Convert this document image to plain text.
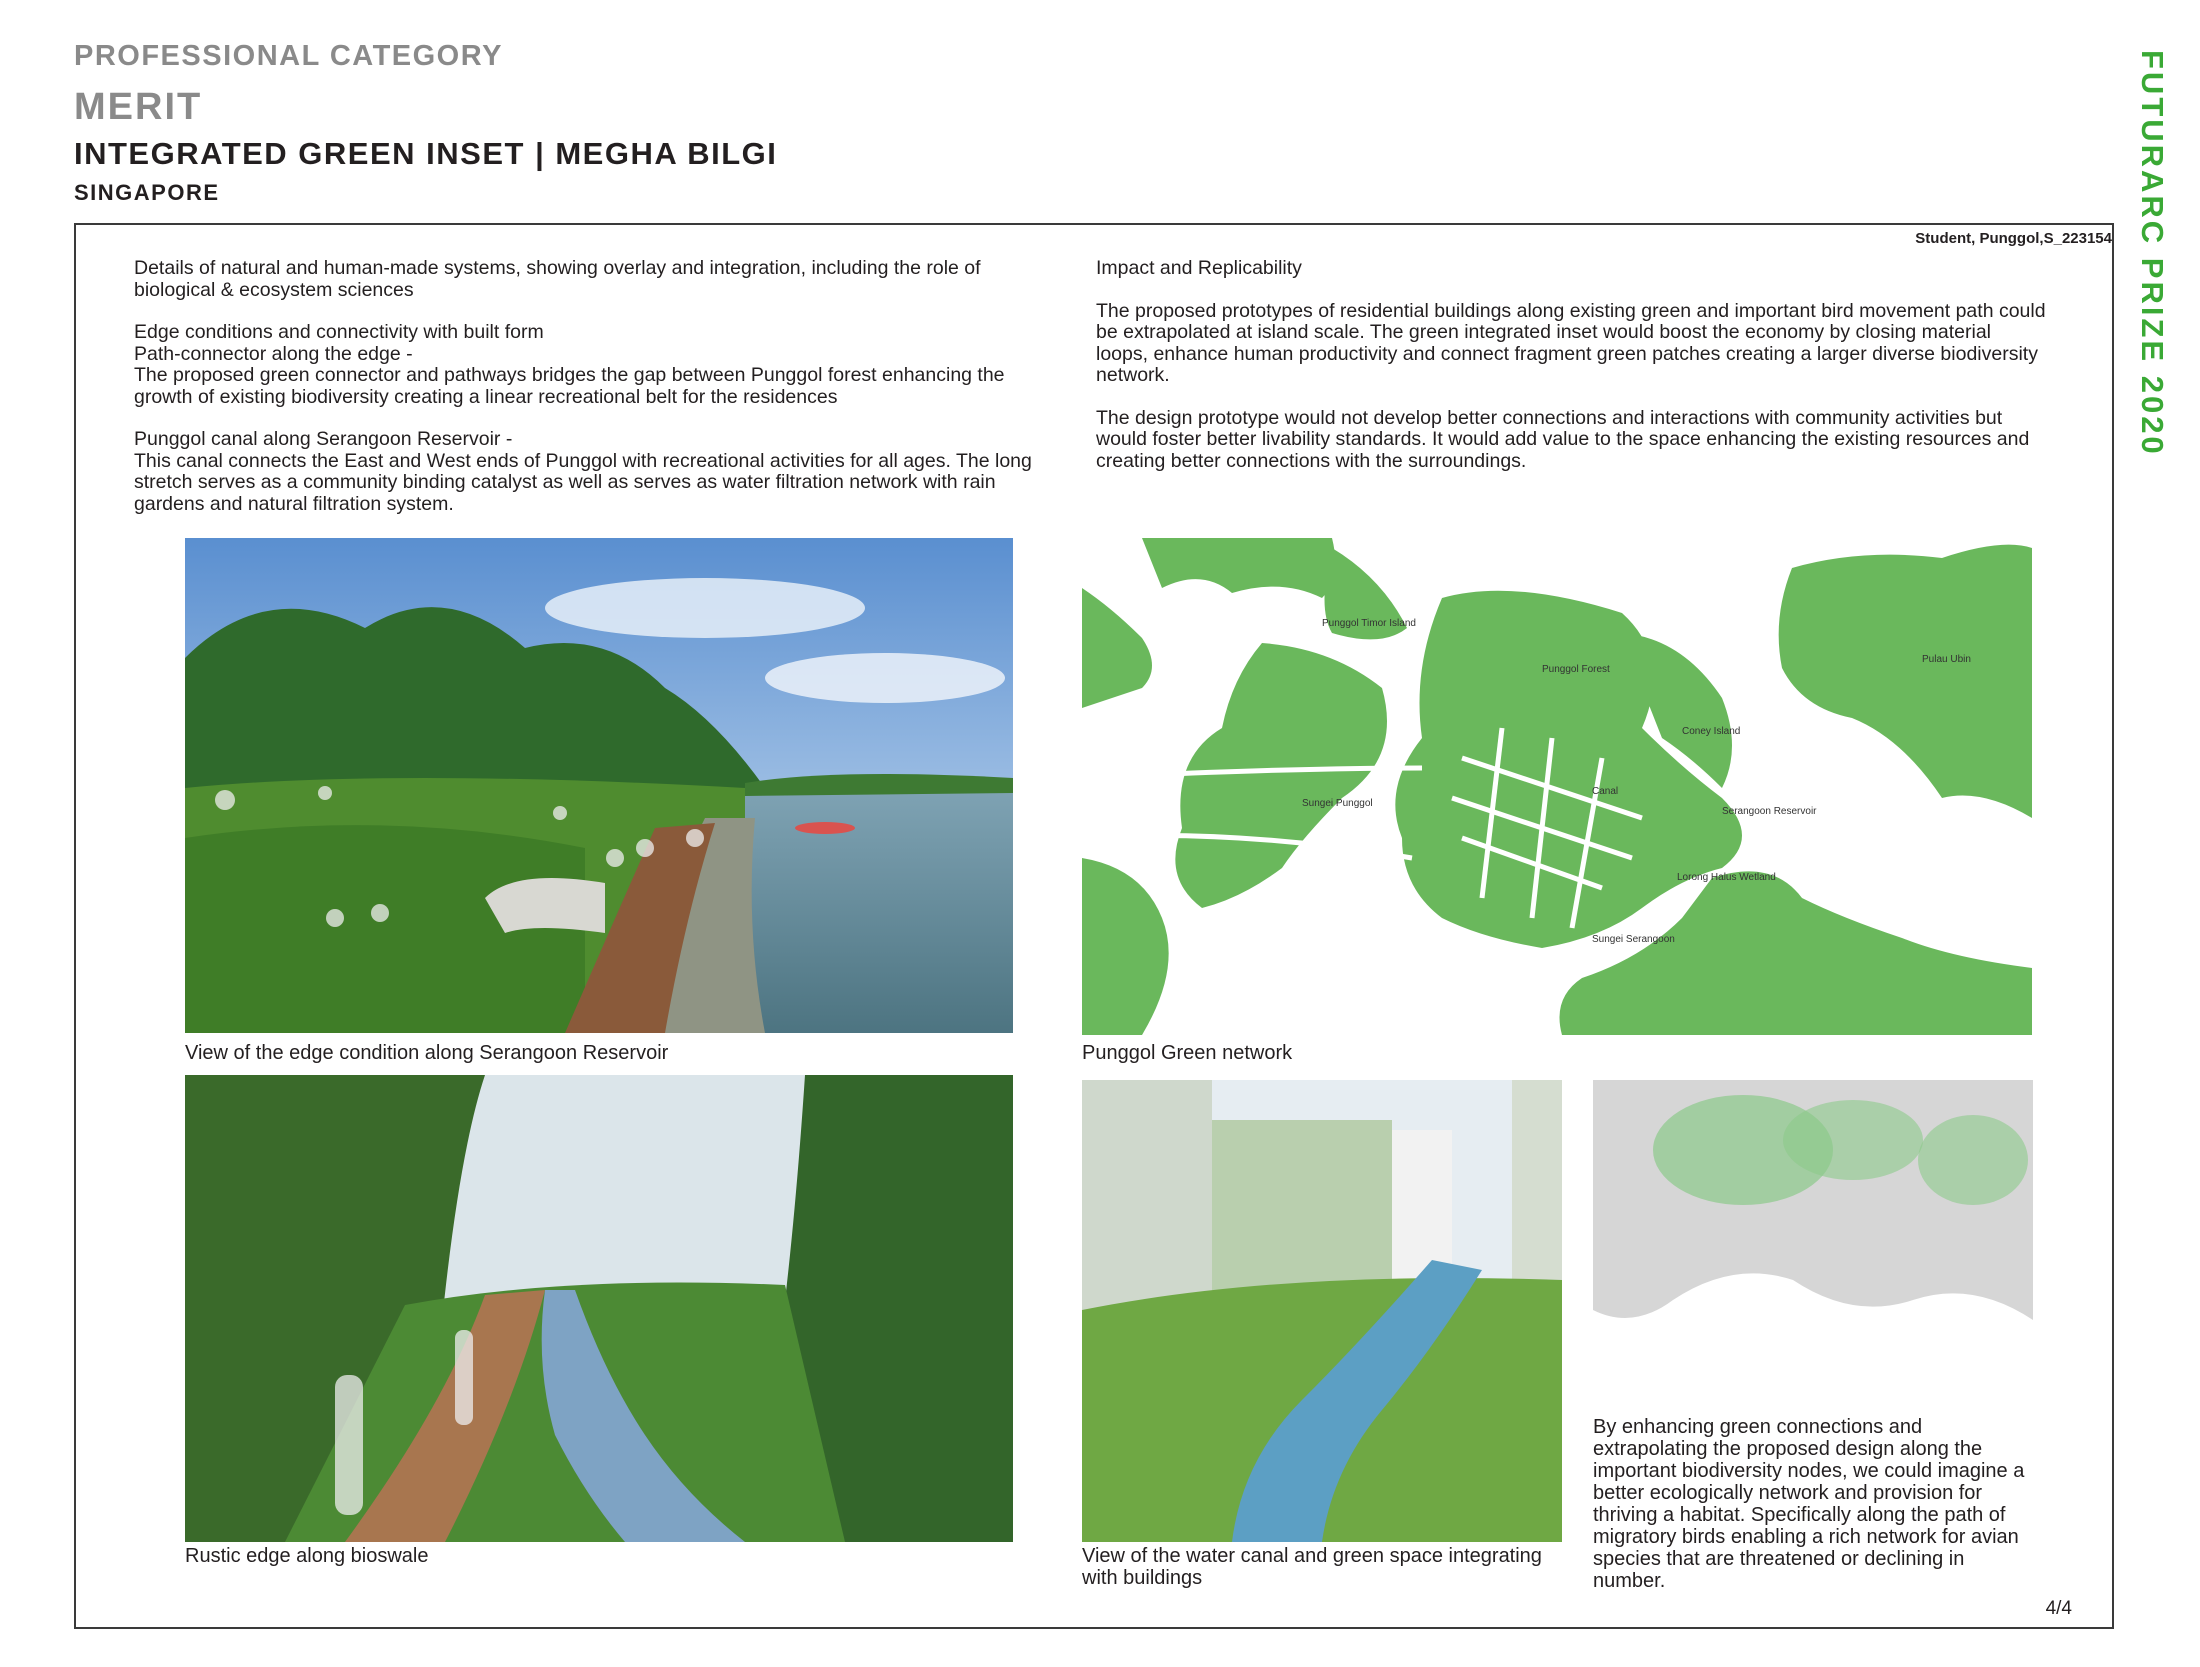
PROFESSIONAL CATEGORY
MERIT
INTEGRATED GREEN INSET | MEGHA BILGI
SINGAPORE	FUTURARC PRIZE 2020
Student, Punggol,S_223154

Details of natural and human-made systems, showing overlay and integration, including the role of biological & ecosystem sciences

Edge conditions and connectivity with built form
Path-connector along the edge -
The proposed green connector and pathways bridges the gap between Punggol forest enhancing the growth of existing biodiversity creating a linear recreational belt for the residences

Punggol canal along Serangoon Reservoir -
This canal connects the East and West ends of Punggol with recreational activities for all ages. The long stretch serves as a community binding catalyst as well as serves as water filtration network with rain gardens and natural filtration system.

Impact and Replicability

The proposed prototypes of residential buildings along existing green and important bird movement path could be extrapolated at island scale. The green integrated inset would boost the economy by closing material loops, enhance human productivity and connect fragment green patches creating a larger diverse biodiversity network.

The design prototype would not develop better connections and interactions with community activities but would foster better livability standards. It would add value to the space enhancing the existing resources and creating better connections with the surroundings.

View of the edge condition along Serangoon Reservoir
Punggol Timor Island
Punggol Forest
Pulau Ubin
Coney Island
Canal
Sungei Punggol
Serangoon Reservoir
Lorong Halus Wetland
Sungei Serangoon
Punggol Green network
Rustic edge along bioswale	View of the water canal and green space integrating with buildings
By enhancing green connections and extrapolating the proposed design along the important biodiversity nodes, we could imagine a better ecologically network and provision for thriving a habitat. Specifically along the path of migratory birds enabling a rich network for avian species that are threatened or declining in number.
4/4
